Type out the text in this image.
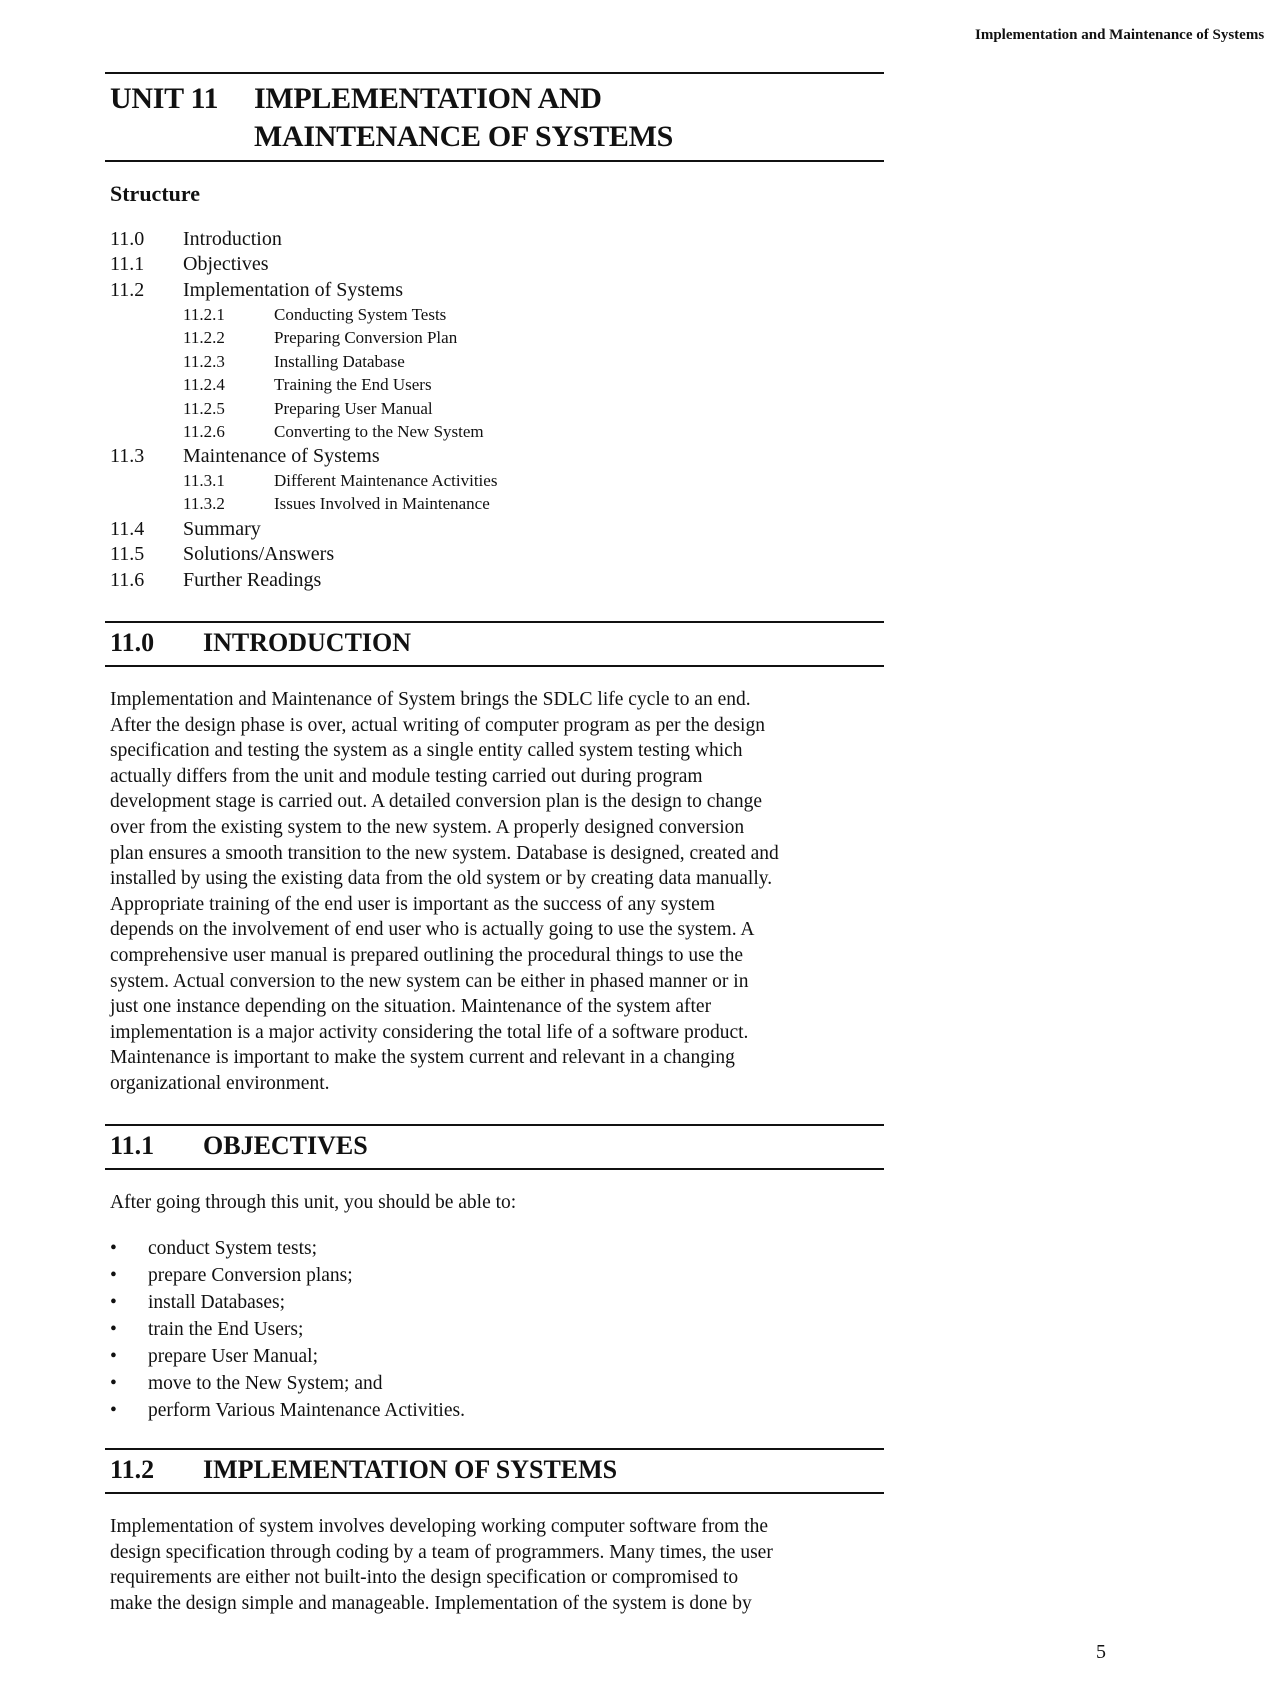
Implementation and Maintenance of Systems
UNIT 11 IMPLEMENTATION AND
MAINTENANCE OF SYSTEMS
Structure
11.0 Introduction
11.1 Objectives
11.2 Implementation of Systems
11.2.1	Conducting System Tests
11.2.2	Preparing Conversion Plan
11.2.3	Installing Database
11.2.4	Training the End Users
11.2.5	Preparing User Manual
11.2.6	Converting to the New System
11.3 Maintenance of Systems
11.3.1	Different Maintenance Activities
11.3.2	Issues Involved in Maintenance
11.4 Summary
11.5 Solutions/Answers
11.6 Further Readings
11.0 INTRODUCTION

Implementation and Maintenance of System brings the SDLC life cycle to an end.

After the design phase is over, actual writing of computer program as per the design

specification and testing the system as a single entity called system testing which

actually differs from the unit and module testing carried out during program

development stage is carried out. A detailed conversion plan is the design to change

over from the existing system to the new system. A properly designed conversion

plan ensures a smooth transition to the new system. Database is designed, created and

installed by using the existing data from the old system or by creating data manually.

Appropriate training of the end user is important as the success of any system

depends on the involvement of end user who is actually going to use the system. A

comprehensive user manual is prepared outlining the procedural things to use the

system. Actual conversion to the new system can be either in phased manner or in

just one instance depending on the situation. Maintenance of the system after

implementation is a major activity considering the total life of a software product.

Maintenance is important to make the system current and relevant in a changing

organizational environment.

11.1 OBJECTIVES
After going through this unit, you should be able to:
• conduct System tests;
• prepare Conversion plans;
• install Databases;
• train the End Users;
• prepare User Manual;
• move to the New System; and
• perform Various Maintenance Activities.
11.2 IMPLEMENTATION OF SYSTEMS

Implementation of system involves developing working computer software from the

design specification through coding by a team of programmers. Many times, the user

requirements are either not built-into the design specification or compromised to

make the design simple and manageable. Implementation of the system is done by

5
